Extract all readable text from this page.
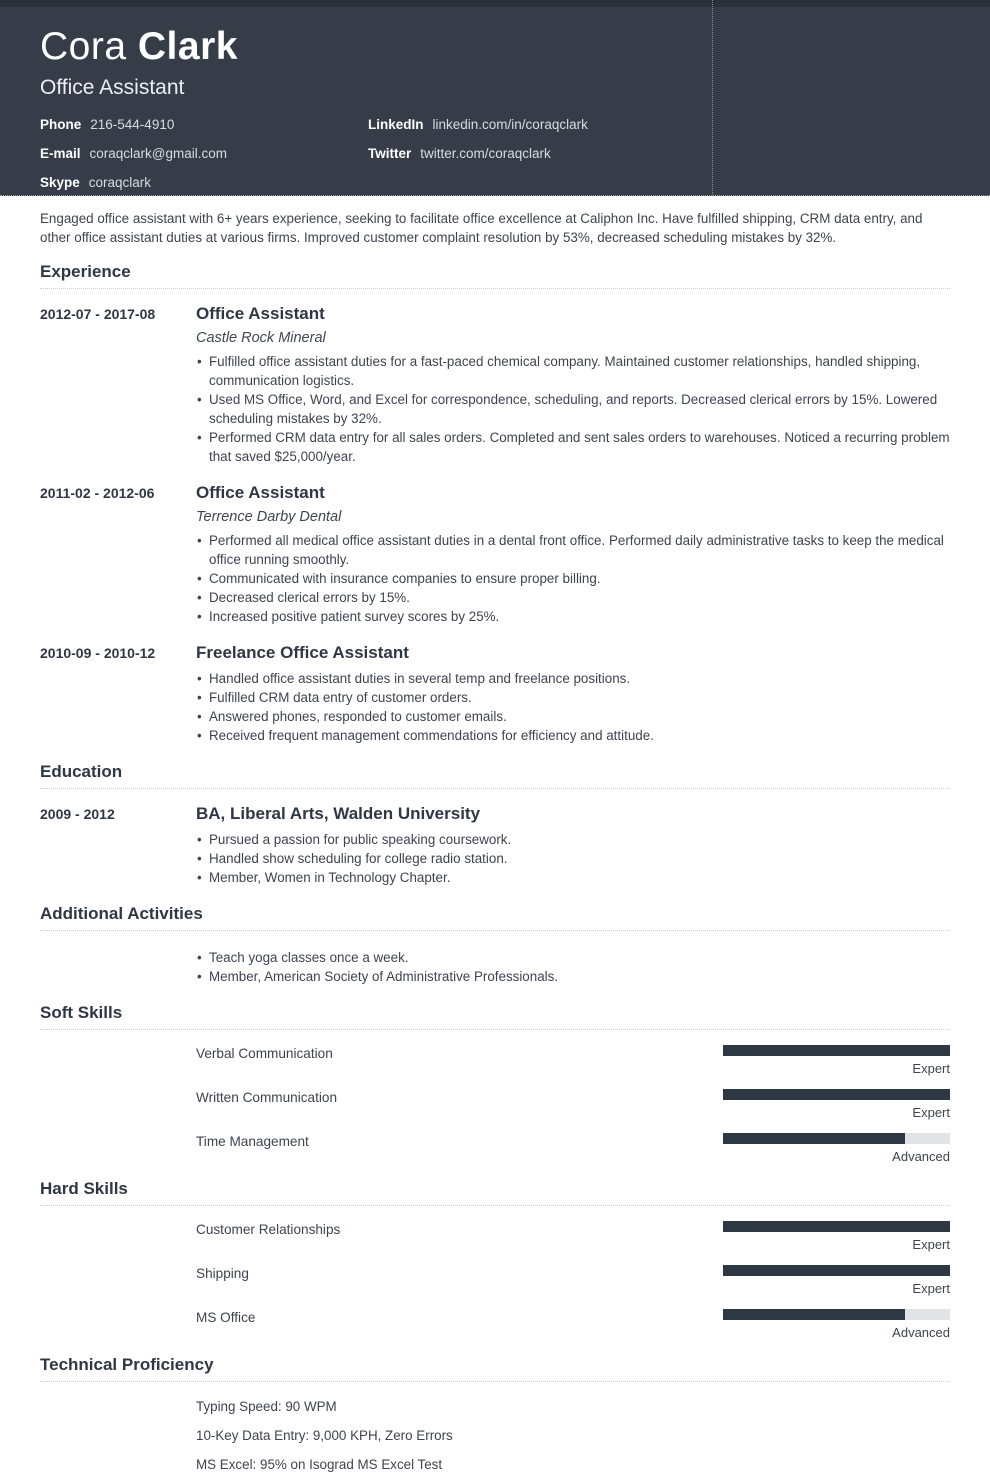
Cora Clark
Office Assistant
Phone 216-544-4910
E-mail coraqclark@gmail.com
Skype coraqclark
LinkedIn linkedin.com/in/coraqclark
Twitter twitter.com/coraqclark

Engaged office assistant with 6+ years experience, seeking to facilitate office excellence at Caliphon Inc. Have fulfilled shipping, CRM data entry, and other office assistant duties at various firms. Improved customer complaint resolution by 53%, decreased scheduling mistakes by 32%.

Experience
2012-07 - 2017-08	Office Assistant
Castle Rock Mineral
• Fulfilled office assistant duties for a fast-paced chemical company. Maintained customer relationships, handled shipping, communication logistics.
• Used MS Office, Word, and Excel for correspondence, scheduling, and reports. Decreased clerical errors by 15%. Lowered scheduling mistakes by 32%.
• Performed CRM data entry for all sales orders. Completed and sent sales orders to warehouses. Noticed a recurring problem that saved $25,000/year.
2011-02 - 2012-06	Office Assistant
Terrence Darby Dental
• Performed all medical office assistant duties in a dental front office. Performed daily administrative tasks to keep the medical office running smoothly.
• Communicated with insurance companies to ensure proper billing.
• Decreased clerical errors by 15%.
• Increased positive patient survey scores by 25%.
2010-09 - 2010-12	Freelance Office Assistant
• Handled office assistant duties in several temp and freelance positions.
• Fulfilled CRM data entry of customer orders.
• Answered phones, responded to customer emails.
• Received frequent management commendations for efficiency and attitude.
Education
2009 - 2012	BA, Liberal Arts, Walden University
• Pursued a passion for public speaking coursework.
• Handled show scheduling for college radio station.
• Member, Women in Technology Chapter.
Additional Activities
• Teach yoga classes once a week.
• Member, American Society of Administrative Professionals.
Soft Skills
Verbal Communication
Expert
Written Communication
Expert
Time Management
Advanced
Hard Skills
Customer Relationships
Expert
Shipping
Expert
MS Office
Advanced
Technical Proficiency
Typing Speed: 90 WPM
10-Key Data Entry: 9,000 KPH, Zero Errors
MS Excel: 95% on Isograd MS Excel Test
